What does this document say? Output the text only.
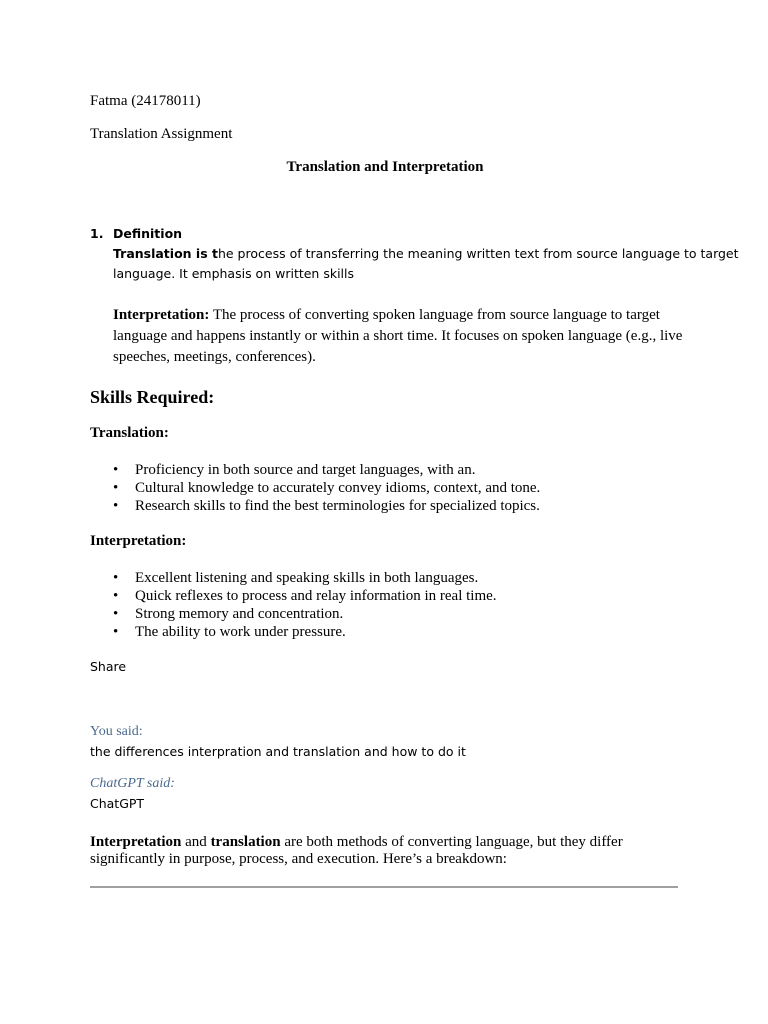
Fatma (24178011)
Translation Assignment
Translation and Interpretation
1. Definition
Translation is the process of transferring the meaning written text from source language to target
language. It emphasis on written skills
Interpretation: The process of converting spoken language from source language to target
language and happens instantly or within a short time. It focuses on spoken language (e.g., live
speeches, meetings, conferences).
Skills Required:
Translation:
• Proficiency in both source and target languages, with an.
• Cultural knowledge to accurately convey idioms, context, and tone.
• Research skills to find the best terminologies for specialized topics.
Interpretation:
• Excellent listening and speaking skills in both languages.
• Quick reflexes to process and relay information in real time.
• Strong memory and concentration.
• The ability to work under pressure.
Share
You said:
the differences interpration and translation and how to do it
ChatGPT said:
ChatGPT
Interpretation and translation are both methods of converting language, but they differ
significantly in purpose, process, and execution. Here’s a breakdown:
